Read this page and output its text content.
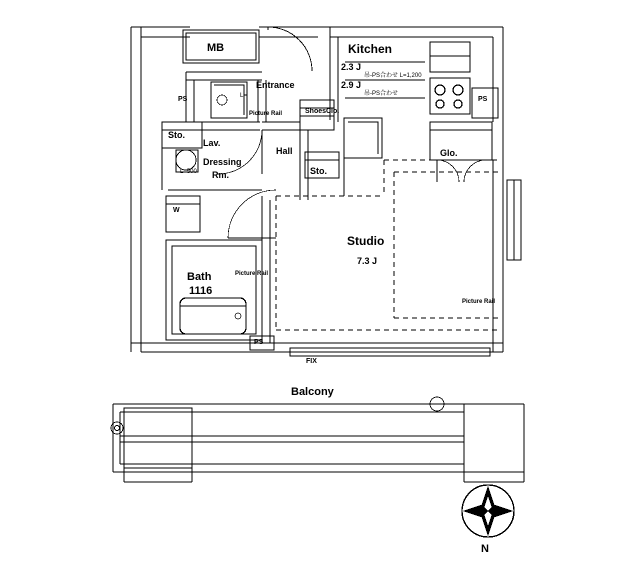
MB	Kitchen
2.3 J
2.9 J
吊-PS合わせ L=1,200
吊-PS合わせ
Entrance
L=
PS	PS
ShoesClo.
Picture Rail
Sto.
Lav.
Hall	Glo.
Dressing
Rm.	Sto.
L=500
W
Studio
7.3 J
Bath
1116
Picture Rail
Picture Rail
PS
FIX
Balcony
N
